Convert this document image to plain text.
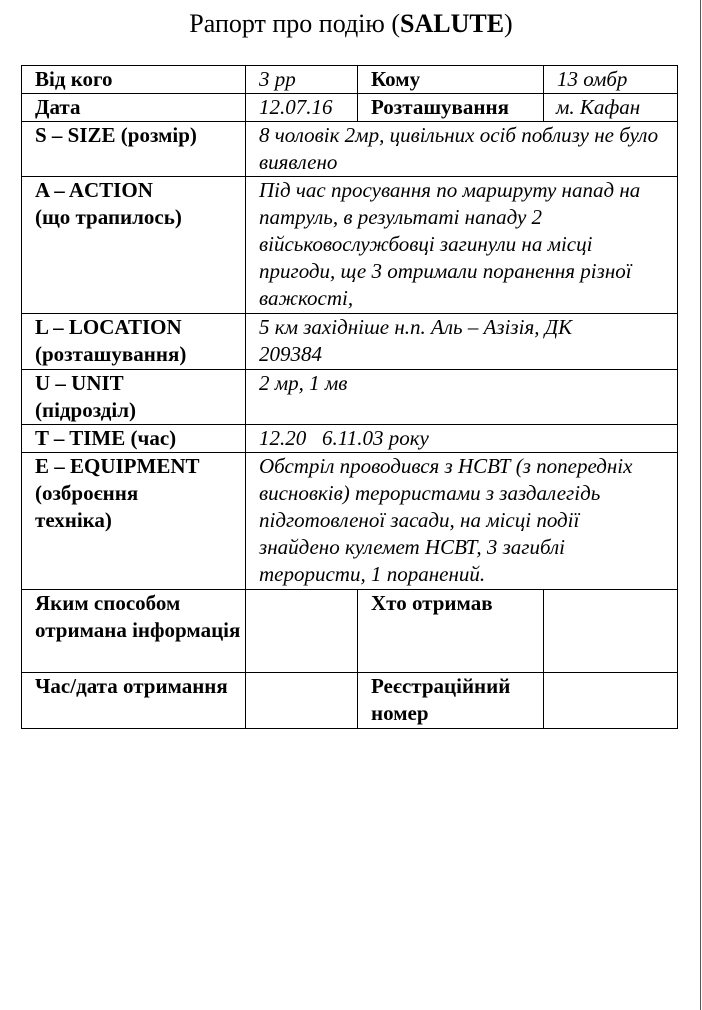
Рапорт про подію (SALUTE)
Від кого	3 рр	Кому	13 омбр
Дата	12.07.16	Розташування	м. Кафан
S – SIZE (розмір)	8 чоловік 2мр, цивільних осіб поблизу не було виявлено		

A – ACTION
(що трапилось)	Під час просування по маршруту напад на патруль, в результаті нападу 2 військовослужбовці загинули на місці пригоди, ще 3 отримали поранення різної важкості,		

L – LOCATION
(розташування)	5 км західніше н.п. Аль – Азізія, ДК 209384		

U – UNIT
(підрозділ)	2 мр, 1 мв		
T – TIME (час)	12.20   6.11.03 року		

E – EQUIPMENT
(озброєння
техніка)	Обстріл проводився з НСВТ (з попередніх висновків) терористами з заздалегідь підготовленої засади, на місці події знайдено кулемет НСВТ, 3 загиблі терористи, 1 поранений.		
Яким способом отримана інформація		Хто отримав	
Час/дата отримання		Реєстраційний номер	
